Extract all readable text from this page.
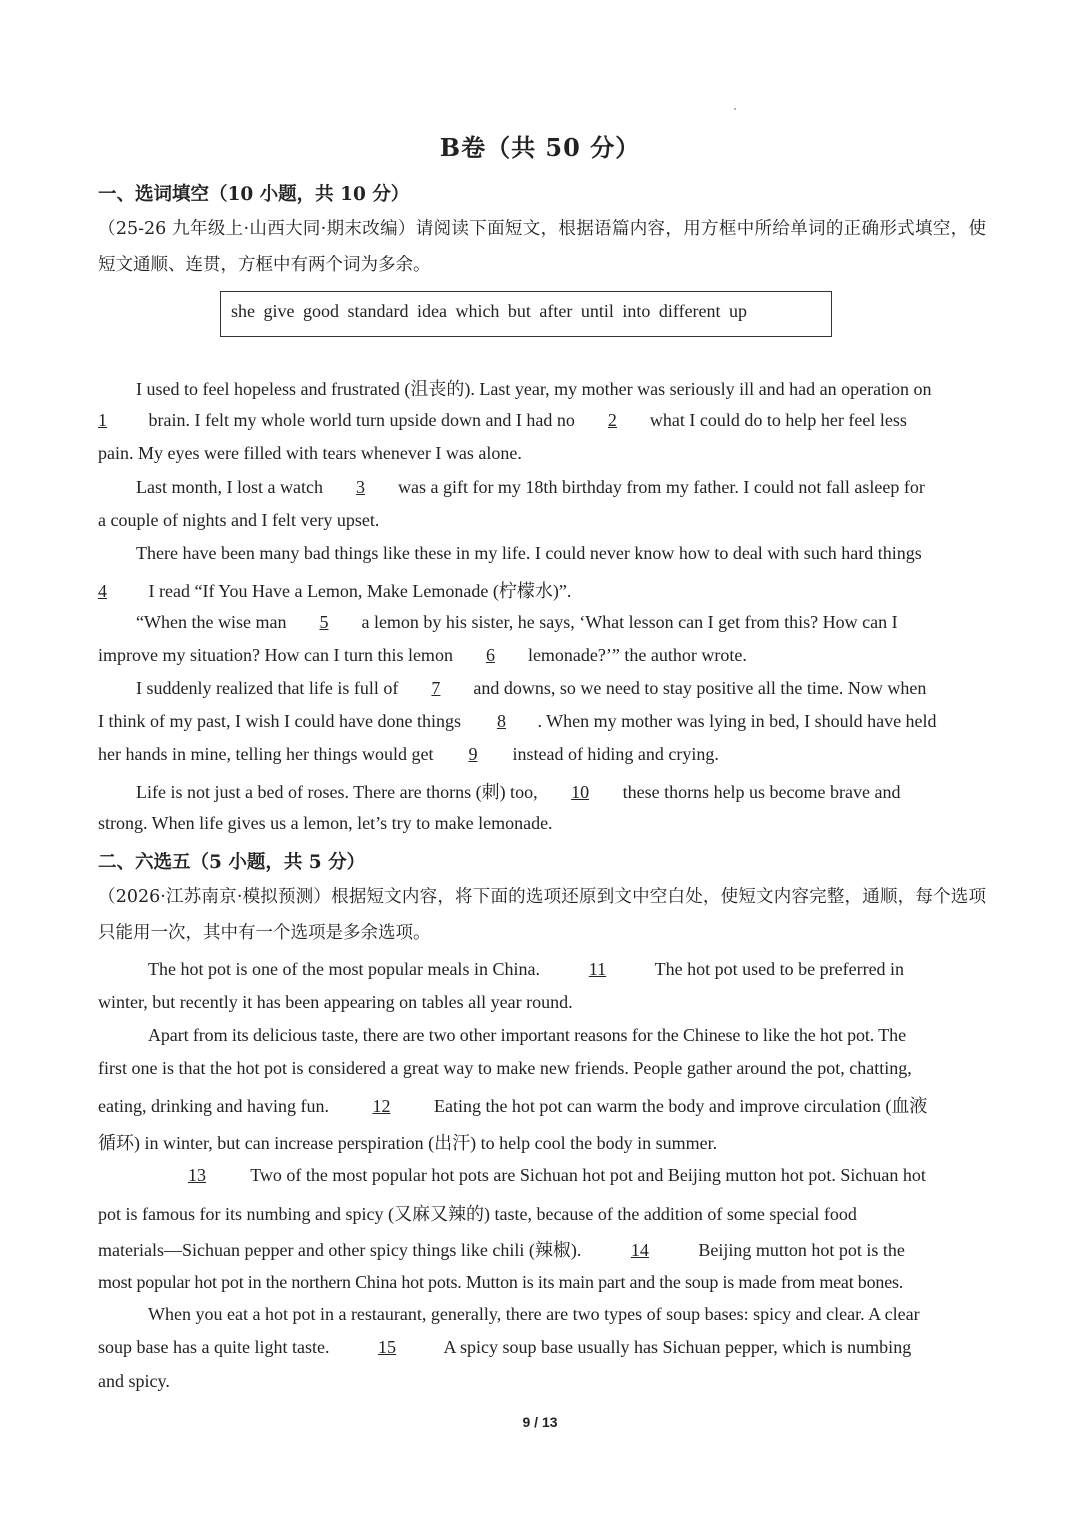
B卷（共 50 分）
一、选词填空（10 小题，共 10 分）
（25-26 九年级上·山西大同·期末改编）请阅读下面短文，根据语篇内容，用方框中所给单词的正确形式填空，使短文通顺、连贯，方框中有两个词为多余。
she give good standard idea which but after until into different up
I used to feel hopeless and frustrated (沮丧的). Last year, my mother was seriously ill and had an operation on
1 brain. I felt my whole world turn upside down and I had no 2 what I could do to help her feel less
pain. My eyes were filled with tears whenever I was alone.
Last month, I lost a watch 3 was a gift for my 18th birthday from my father. I could not fall asleep for
a couple of nights and I felt very upset.
There have been many bad things like these in my life. I could never know how to deal with such hard things
4 I read “If You Have a Lemon, Make Lemonade (柠檬水)”.
“When the wise man 5 a lemon by his sister, he says, ‘What lesson can I get from this? How can I
improve my situation? How can I turn this lemon 6 lemonade?’” the author wrote.
I suddenly realized that life is full of 7 and downs, so we need to stay positive all the time. Now when
I think of my past, I wish I could have done things 8 . When my mother was lying in bed, I should have held
her hands in mine, telling her things would get 9 instead of hiding and crying.
Life is not just a bed of roses. There are thorns (刺) too, 10 these thorns help us become brave and
strong. When life gives us a lemon, let’s try to make lemonade.
二、六选五（5 小题，共 5 分）
（2026·江苏南京·模拟预测）根据短文内容，将下面的选项还原到文中空白处，使短文内容完整，通顺，每个选项只能用一次，其中有一个选项是多余选项。
The hot pot is one of the most popular meals in China.	11	The hot pot used to be preferred in
winter, but recently it has been appearing on tables all year round.
Apart from its delicious taste, there are two other important reasons for the Chinese to like the hot pot. The
first one is that the hot pot is considered a great way to make new friends. People gather around the pot, chatting,
eating, drinking and having fun. 12 Eating the hot pot can warm the body and improve circulation (血液
循环) in winter, but can increase perspiration (出汗) to help cool the body in summer.
13 Two of the most popular hot pots are Sichuan hot pot and Beijing mutton hot pot. Sichuan hot
pot is famous for its numbing and spicy (又麻又辣的) taste, because of the addition of some special food
materials—Sichuan pepper and other spicy things like chili (辣椒).	14	Beijing mutton hot pot is the
most popular hot pot in the northern China hot pots. Mutton is its main part and the soup is made from meat bones.
When you eat a hot pot in a restaurant, generally, there are two types of soup bases: spicy and clear. A clear
soup base has a quite light taste.	15	A spicy soup base usually has Sichuan pepper, which is numbing
and spicy.
9 / 13
